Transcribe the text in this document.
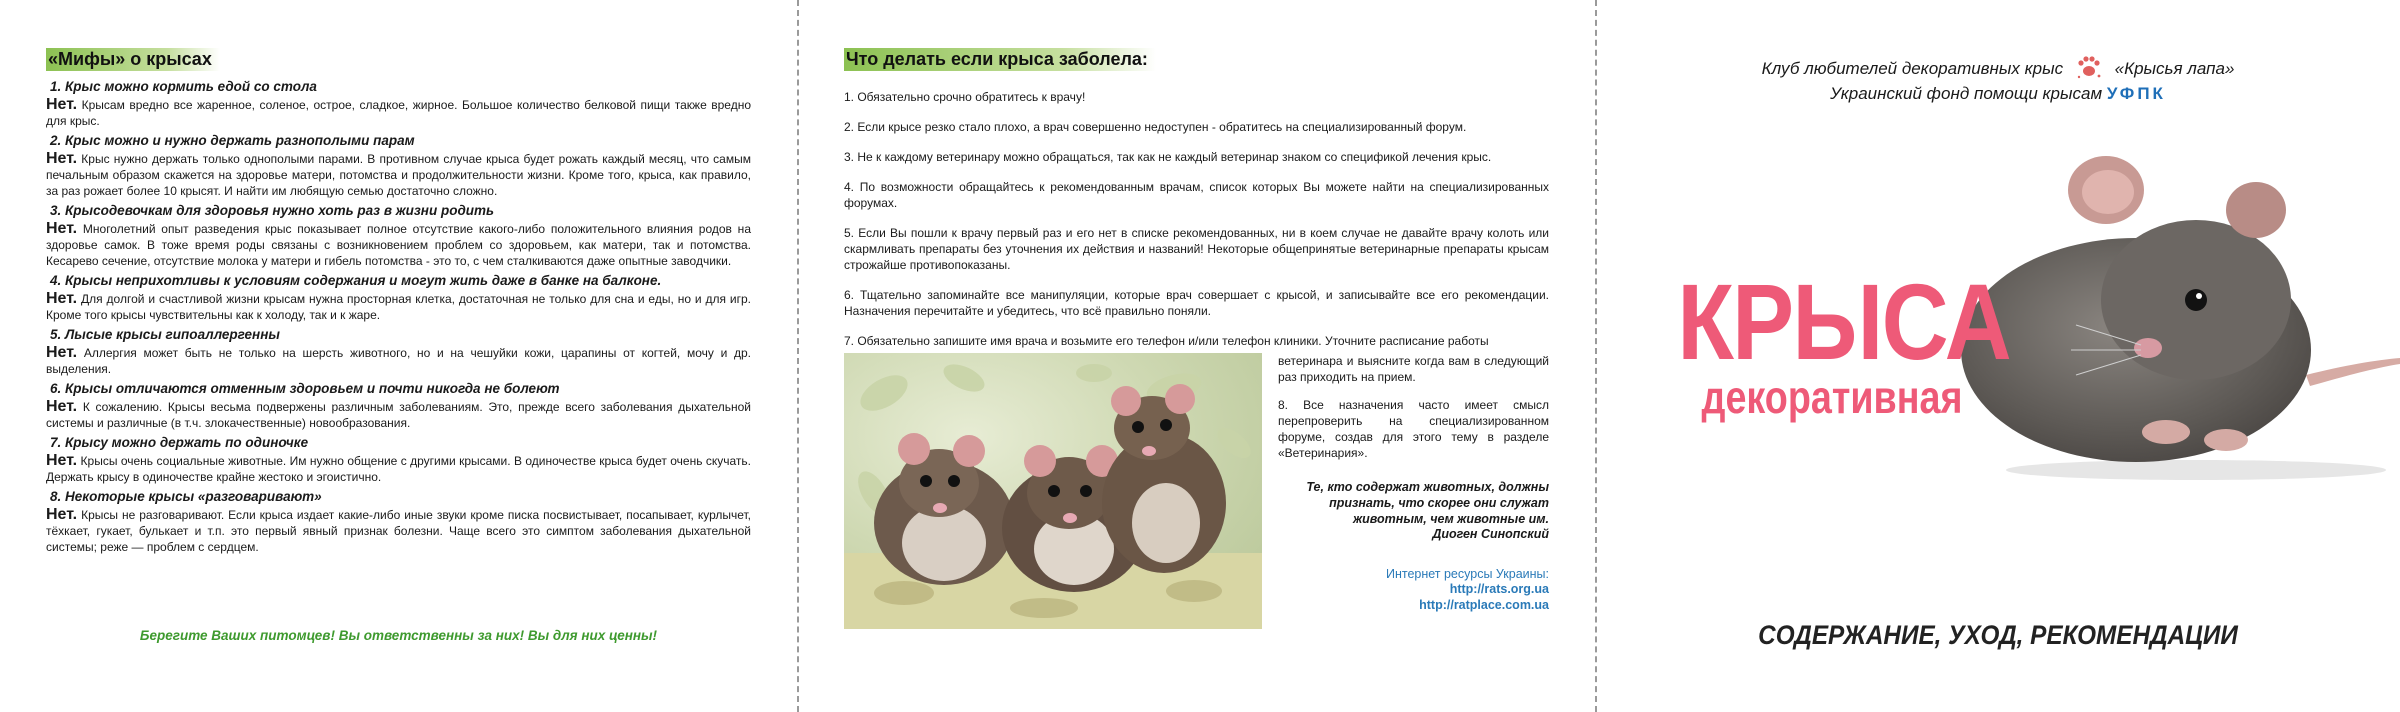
«Мифы» о крысах
1. Крыс можно кормить едой со стола

Нет. Крысам вредно все жаренное, соленое, острое, сладкое, жирное. Большое количество белковой пищи также вредно для крыс.

2. Крыс можно и нужно держать разнополыми парам

Нет. Крыс нужно держать только однополыми парами. В противном случае крыса будет рожать каждый месяц, что самым печальным образом скажется на здоровье матери, потомства и продолжительности жизни. Кроме того, крыса, как правило, за раз рожает более 10 крысят. И найти им любящую семью достаточно сложно.

3. Крысодевочкам для здоровья нужно хоть раз в жизни родить

Нет. Многолетний опыт разведения крыс показывает полное отсутствие какого-либо положительного влияния родов на здоровье самок. В тоже время роды связаны с возникновением проблем со здоровьем, как матери, так и потомства. Кесарево сечение, отсутствие молока у матери и гибель потомства - это то, с чем сталкиваются даже опытные заводчики.

4. Крысы неприхотливы к условиям содержания и могут жить даже в банке на балконе.

Нет. Для долгой и счастливой жизни крысам нужна просторная клетка, достаточная не только для сна и еды, но и для игр. Кроме того крысы чувствительны как к холоду, так и к жаре.

5. Лысые крысы гипоаллергенны

Нет. Аллергия может быть не только на шерсть животного, но и на чешуйки кожи, царапины от когтей, мочу и др. выделения.

6. Крысы отличаются отменным здоровьем и почти никогда не болеют

Нет. К сожалению. Крысы весьма подвержены различным заболеваниям. Это, прежде всего заболевания дыхательной системы и различные (в т.ч. злокачественные) новообразования.

7. Крысу можно держать по одиночке

Нет. Крысы очень социальные животные. Им нужно общение с другими крысами. В одиночестве крыса будет очень скучать. Держать крысу в одиночестве крайне жестоко и эгоистично.

8. Некоторые крысы «разговаривают»

Нет. Крысы не разговаривают. Если крыса издает какие-либо иные звуки кроме писка посвистывает, посапывает, курлычет, тёхкает, гукает, булькает и т.п. это первый явный признак болезни. Чаще всего это симптом заболевания дыхательной системы; реже — проблем с сердцем.

Берегите Ваших питомцев! Вы ответственны за них! Вы для них ценны!
Что делать если крыса заболела:
1. Обязательно срочно обратитесь к врачу!
2. Если крысе резко стало плохо, а врач совершенно недоступен - обратитесь на специализированный форум.
3. Не к каждому ветеринару можно обращаться, так как не каждый ветеринар знаком со спецификой лечения крыс.
4. По возможности обращайтесь к рекомендованным врачам, список которых Вы можете найти на специализированных форумах.
5. Если Вы пошли к врачу первый раз и его нет в списке рекомендованных, ни в коем случае не давайте врачу колоть или скармливать препараты без уточнения их действия и названий! Некоторые общепринятые ветеринарные препараты крысам строжайше противопоказаны.
6. Тщательно запоминайте все манипуляции, которые врач совершает с крысой, и записывайте все его рекомендации. Назначения перечитайте и убедитесь, что всё правильно поняли.
7. Обязательно запишите имя врача и возьмите его телефон и/или телефон клиники. Уточните расписание работы
ветеринара и выясните когда вам в следующий раз приходить на прием.
8. Все назначения часто имеет смысл перепроверить на специализированном форуме, создав для этого тему в разделе «Ветеринария».
Те, кто содержат животных, должны признать, что скорее они служат животным, чем животные им.
Диоген Синопский
Интернет ресурсы Украины:
http://rats.org.ua
http://ratplace.com.ua
Клуб любителей декоративных крыс	«Крысья лапа»
Украинский фонд помощи крысам УФПК
КРЫСА
декоративная
СОДЕРЖАНИЕ, УХОД, РЕКОМЕНДАЦИИ
